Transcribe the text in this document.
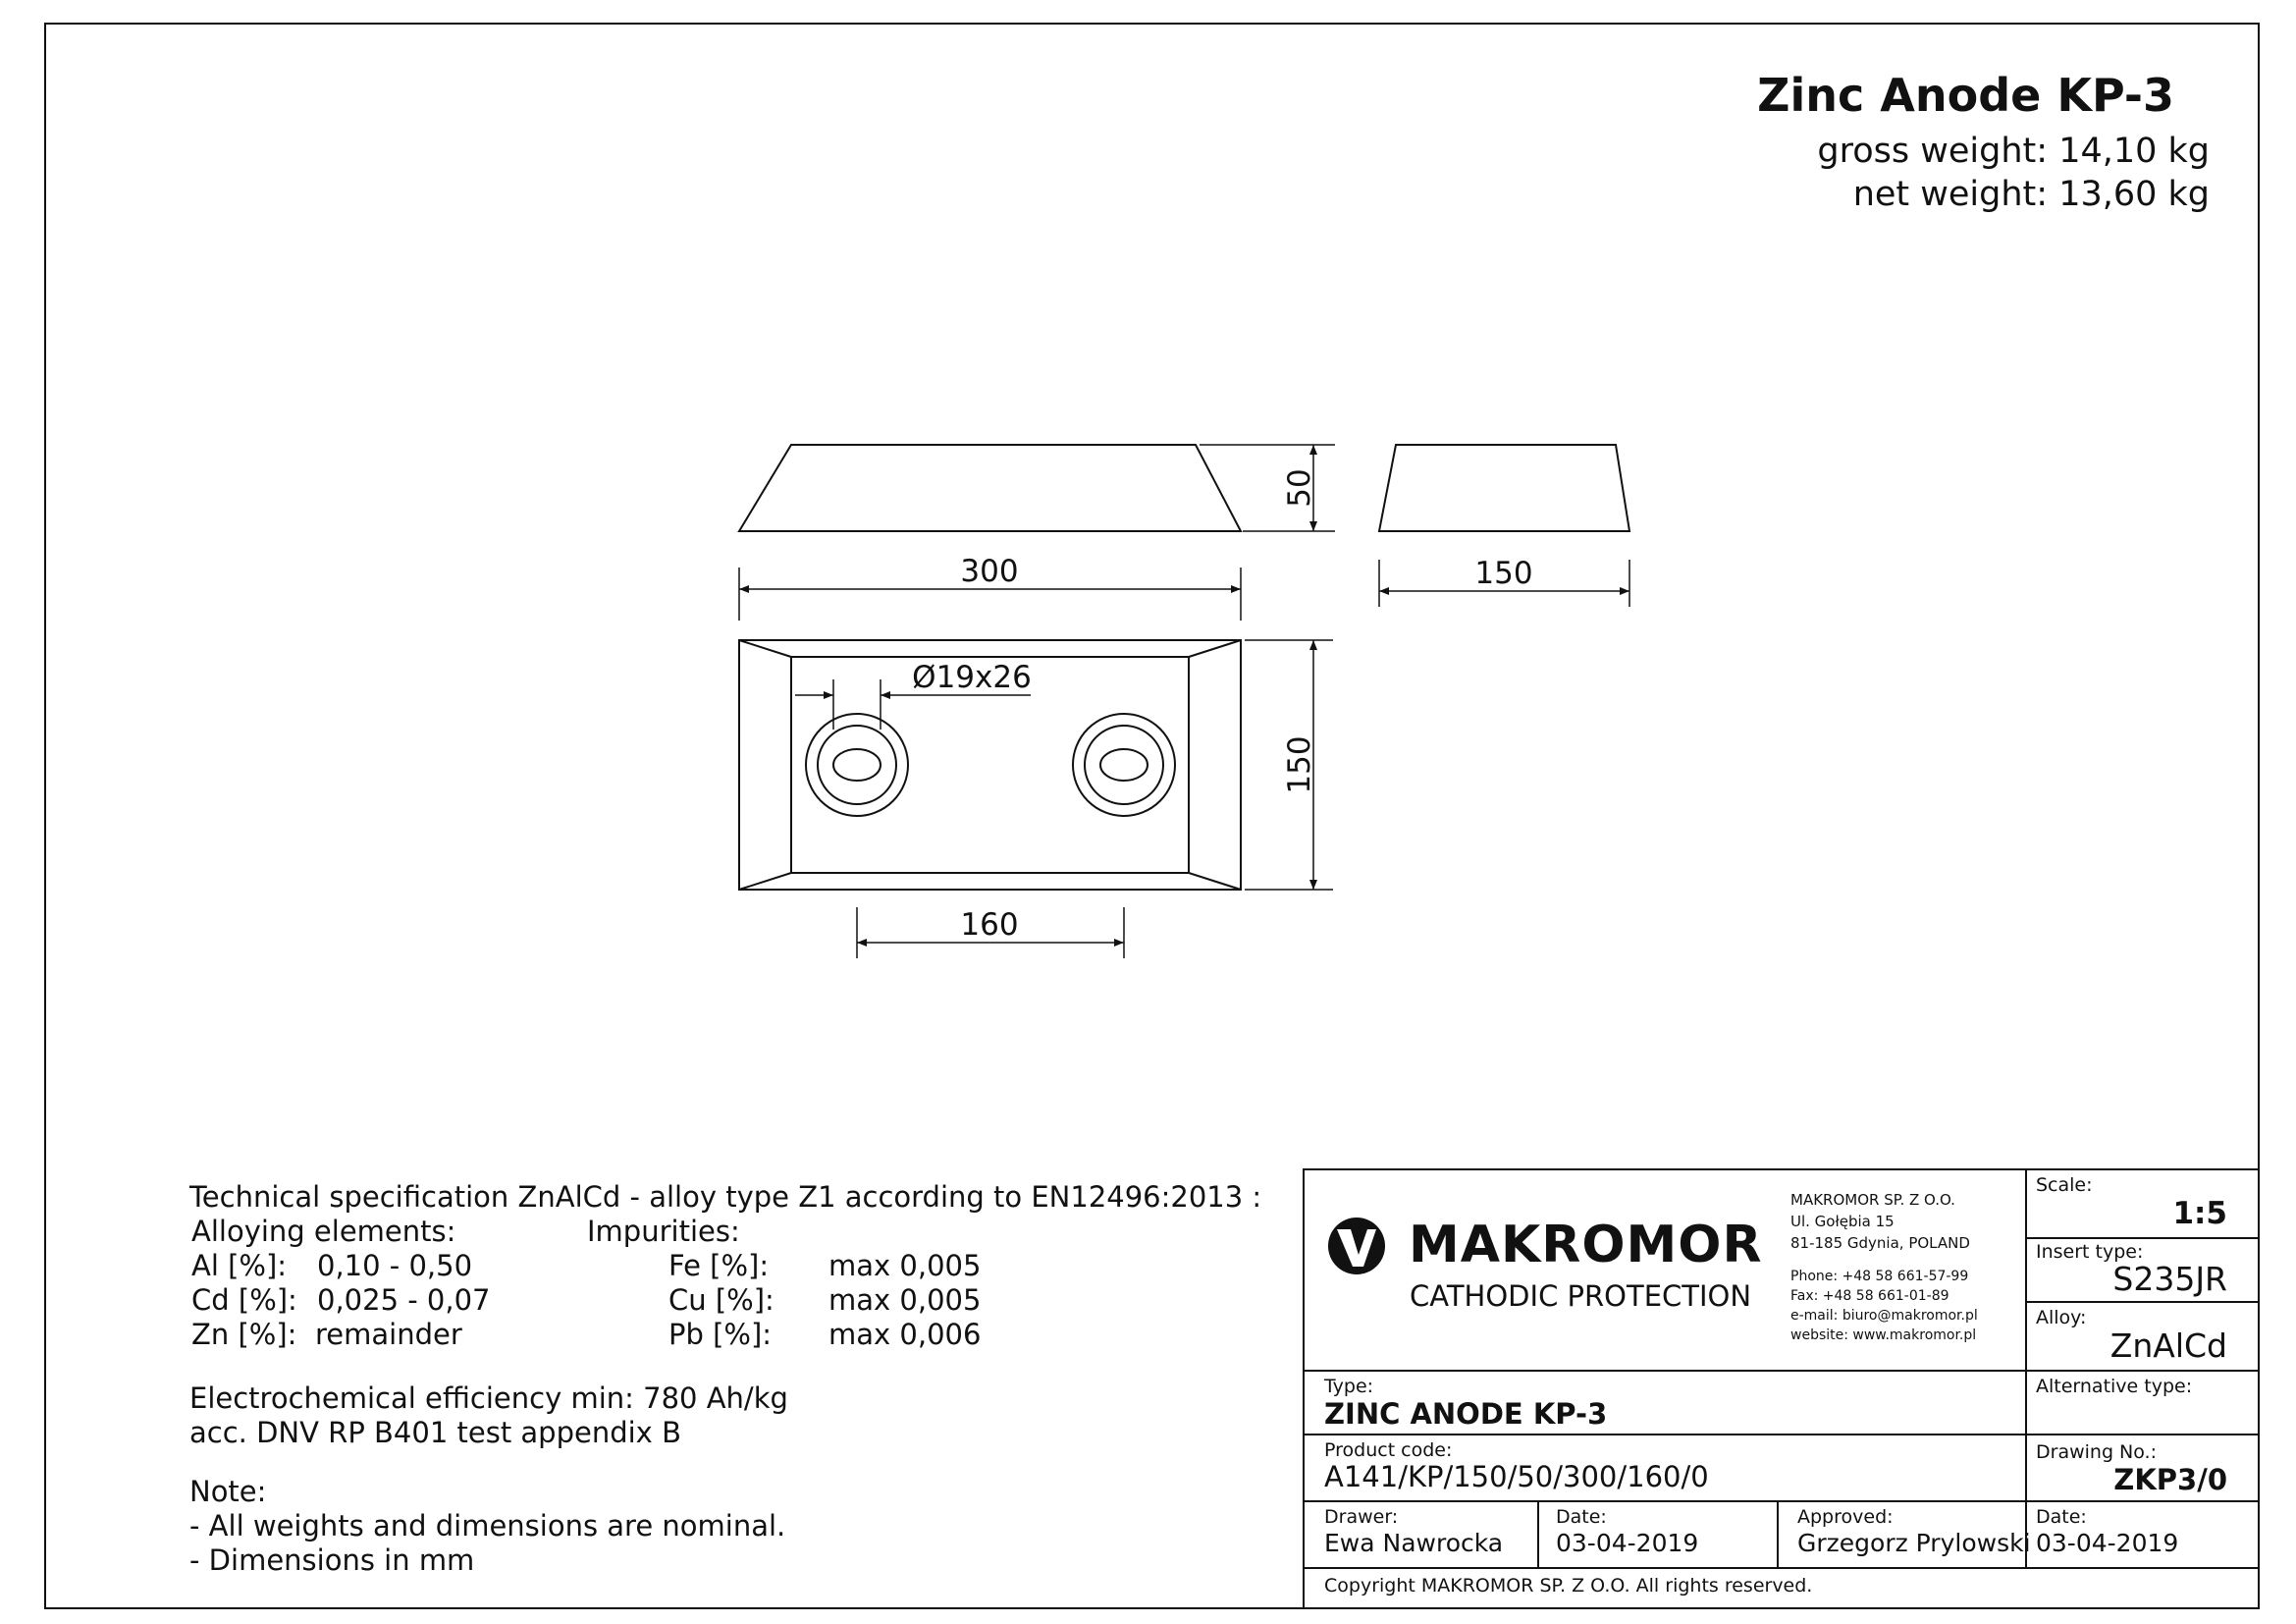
50
150
300
Ø19x26
150
160
Zinc Anode KP-3
gross weight: 14,10 kg
net weight: 13,60 kg
Technical specification ZnAlCd - alloy type Z1 according to EN12496:2013 :
Alloying elements:	Impurities:
Al [%]: 0,10 - 0,50
Cd [%]: 0,025 - 0,07
Zn [%]: remainder
Fe [%]: max 0,005
Cu [%]: max 0,005
Pb [%]: max 0,006
Electrochemical efficiency min: 780 Ah/kg
acc. DNV RP B401 test appendix B
Note:
- All weights and dimensions are nominal.
- Dimensions in mm
MAKROMOR
CATHODIC PROTECTION
MAKROMOR SP. Z O.O.
Ul. Gołębia 15
81-185 Gdynia, POLAND
Phone: +48 58 661-57-99
Fax: +48 58 661-01-89
e-mail: biuro@makromor.pl
website: www.makromor.pl
Scale:
1:5
Insert type:
S235JR
Alloy:
ZnAlCd
Type:
ZINC ANODE KP-3
Alternative type:
Product code:
A141/KP/150/50/300/160/0
Drawing No.:
ZKP3/0
Drawer:
Ewa Nawrocka
Date:
03-04-2019
Approved:
Grzegorz Prylowski
Date:
03-04-2019
Copyright MAKROMOR SP. Z O.O. All rights reserved.
